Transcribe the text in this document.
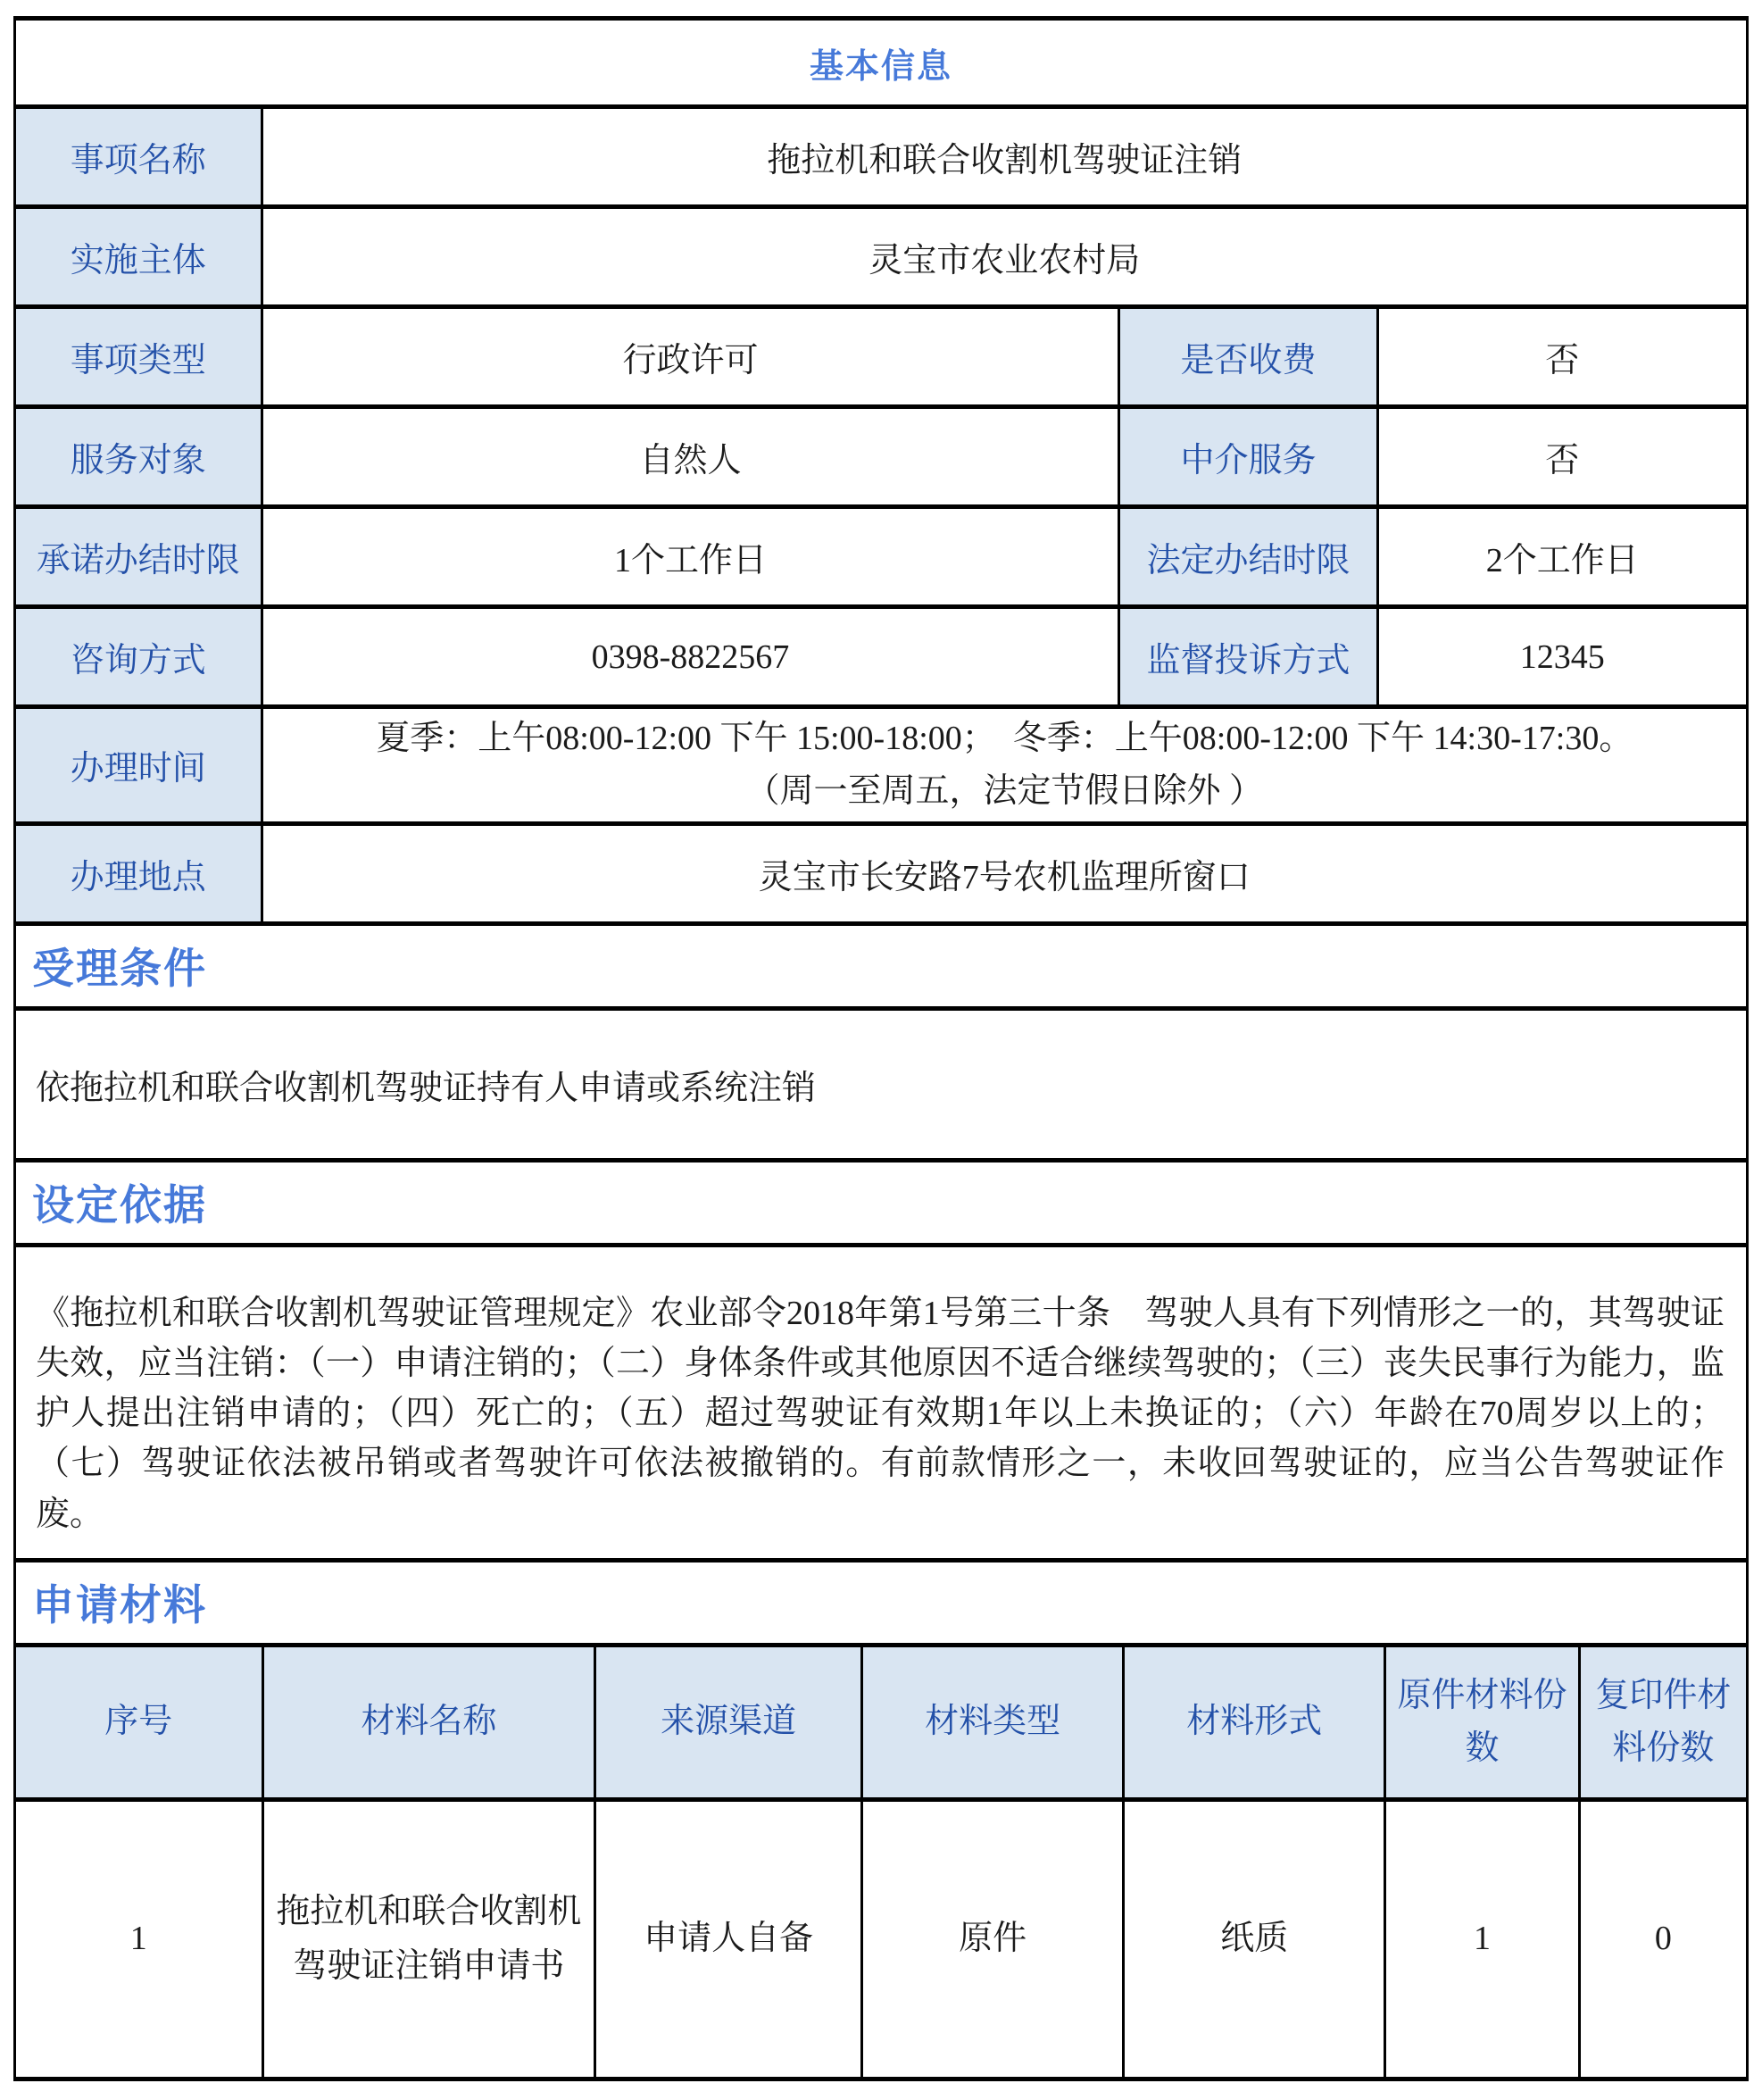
基本信息			
事项名称	拖拉机和联合收割机驾驶证注销		
实施主体	灵宝市农业农村局		
事项类型	行政许可	是否收费	否
服务对象	自然人	中介服务	否
承诺办结时限	1个工作日	法定办结时限	2个工作日
咨询方式	0398-8822567	监督投诉方式	12345
办理时间	夏季：上午08:00-12:00 下午 15:00-18:00；　冬季：上午08:00-12:00 下午 14:30-17:30。
（周一至周五，法定节假日除外 ）		

办理地点	灵宝市长安路7号农机监理所窗口		
受理条件
依拖拉机和联合收割机驾驶证持有人申请或系统注销
设定依据
《拖拉机和联合收割机驾驶证管理规定》农业部令2018年第1号第三十条　驾驶人具有下列情形之一的，其驾驶证失效，应当注销：（一）申请注销的；（二）身体条件或其他原因不适合继续驾驶的；（三）丧失民事行为能力，监护人提出注销申请的；（四）死亡的；（五）超过驾驶证有效期1年以上未换证的；（六）年龄在70周岁以上的；（七）驾驶证依法被吊销或者驾驶许可依法被撤销的。有前款情形之一，未收回驾驶证的，应当公告驾驶证作废。
申请材料
序号	材料名称	来源渠道	材料类型	材料形式	原件材料份数	复印件材料份数
1	拖拉机和联合收割机驾驶证注销申请书	申请人自备	原件	纸质	1	0
